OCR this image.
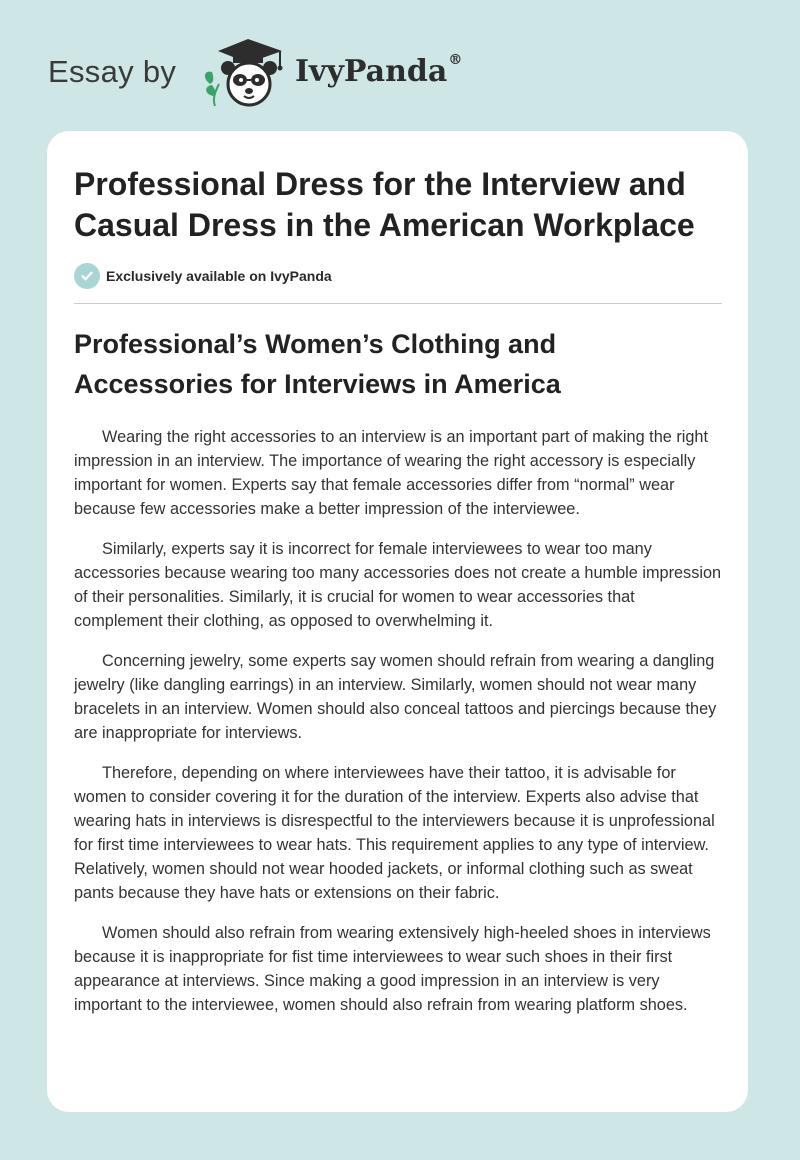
Essay by	IvyPanda®
Professional Dress for the Interview and Casual Dress in the American Workplace
Exclusively available on IvyPanda
Professional’s Women’s Clothing and Accessories for Interviews in America

Wearing the right accessories to an interview is an important part of making the right impression in an interview. The importance of wearing the right accessory is especially important for women. Experts say that female accessories differ from “normal” wear because few accessories make a better impression of the interviewee.

Similarly, experts say it is incorrect for female interviewees to wear too many accessories because wearing too many accessories does not create a humble impression of their personalities. Similarly, it is crucial for women to wear accessories that complement their clothing, as opposed to overwhelming it.

Concerning jewelry, some experts say women should refrain from wearing a dangling jewelry (like dangling earrings) in an interview. Similarly, women should not wear many bracelets in an interview. Women should also conceal tattoos and piercings because they are inappropriate for interviews.

Therefore, depending on where interviewees have their tattoo, it is advisable for women to consider covering it for the duration of the interview. Experts also advise that wearing hats in interviews is disrespectful to the interviewers because it is unprofessional for first time interviewees to wear hats. This requirement applies to any type of interview. Relatively, women should not wear hooded jackets, or informal clothing such as sweat pants because they have hats or extensions on their fabric.

Women should also refrain from wearing extensively high-heeled shoes in interviews because it is inappropriate for fist time interviewees to wear such shoes in their first appearance at interviews. Since making a good impression in an interview is very important to the interviewee, women should also refrain from wearing platform shoes.
